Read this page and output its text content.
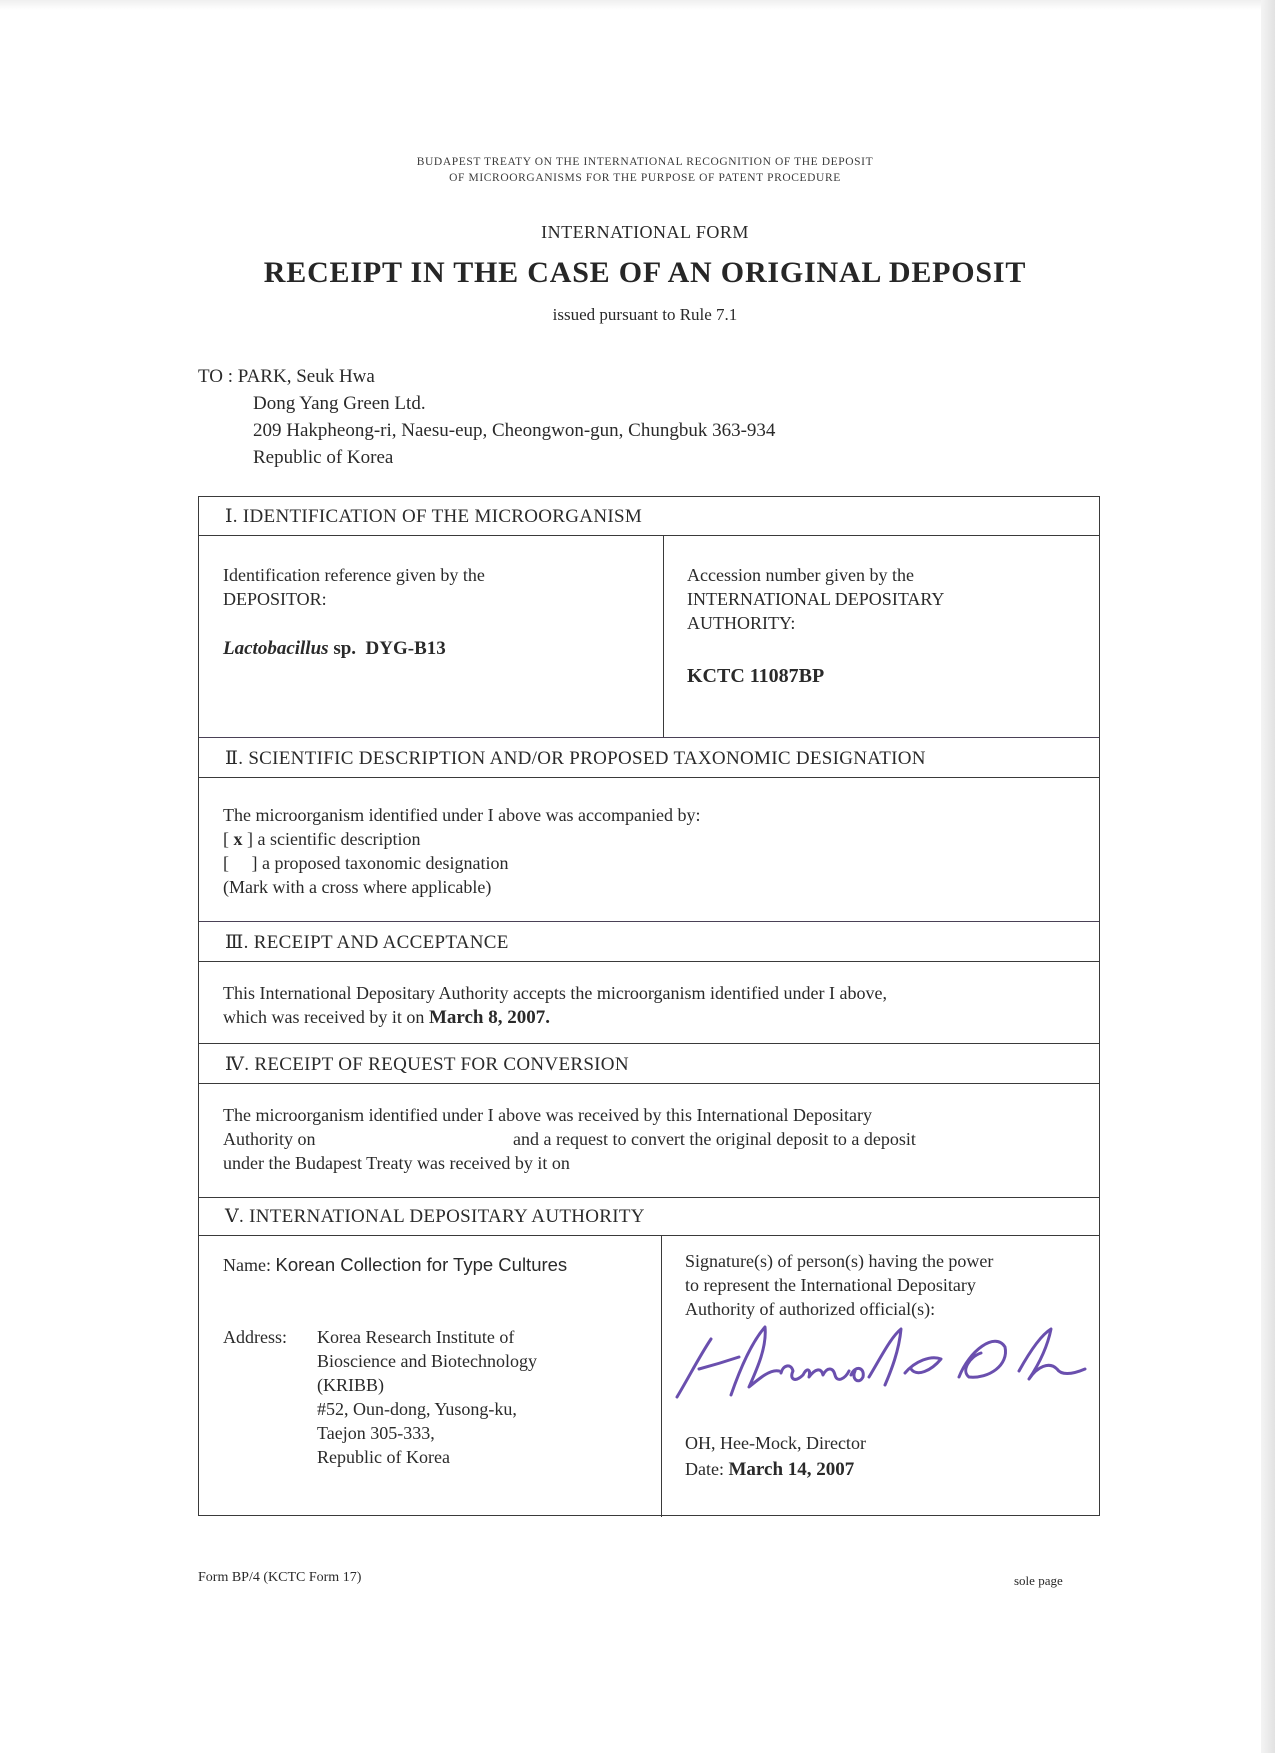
BUDAPEST TREATY ON THE INTERNATIONAL RECOGNITION OF THE DEPOSIT
OF MICROORGANISMS FOR THE PURPOSE OF PATENT PROCEDURE
INTERNATIONAL FORM
RECEIPT IN THE CASE OF AN ORIGINAL DEPOSIT
issued pursuant to Rule 7.1
TO : PARK, Seuk Hwa
Dong Yang Green Ltd.
209 Hakpheong-ri, Naesu-eup, Cheongwon-gun, Chungbuk 363-934
Republic of Korea
Ⅰ. IDENTIFICATION OF THE MICROORGANISM
Identification reference given by the
DEPOSITOR:
Lactobacillus sp. DYG-B13
Accession number given by the
INTERNATIONAL DEPOSITARY
AUTHORITY:
KCTC 11087BP
Ⅱ. SCIENTIFIC DESCRIPTION AND/OR PROPOSED TAXONOMIC DESIGNATION
The microorganism identified under I above was accompanied by:
[ x ] a scientific description
[     ] a proposed taxonomic designation
(Mark with a cross where applicable)
Ⅲ. RECEIPT AND ACCEPTANCE
This International Depositary Authority accepts the microorganism identified under I above,
which was received by it on March 8, 2007.
Ⅳ. RECEIPT OF REQUEST FOR CONVERSION
The microorganism identified under I above was received by this International Depositary
Authority on	and a request to convert the original deposit to a deposit
under the Budapest Treaty was received by it on
Ⅴ. INTERNATIONAL DEPOSITARY AUTHORITY
Name: Korean Collection for Type Cultures
Address: Korea Research Institute of
Bioscience and Biotechnology
(KRIBB)
#52, Oun-dong, Yusong-ku,
Taejon 305-333,
Republic of Korea
Signature(s) of person(s) having the power
to represent the International Depositary
Authority of authorized official(s):
OH, Hee-Mock, Director
Date: March 14, 2007
Form BP/4 (KCTC Form 17)	sole page
